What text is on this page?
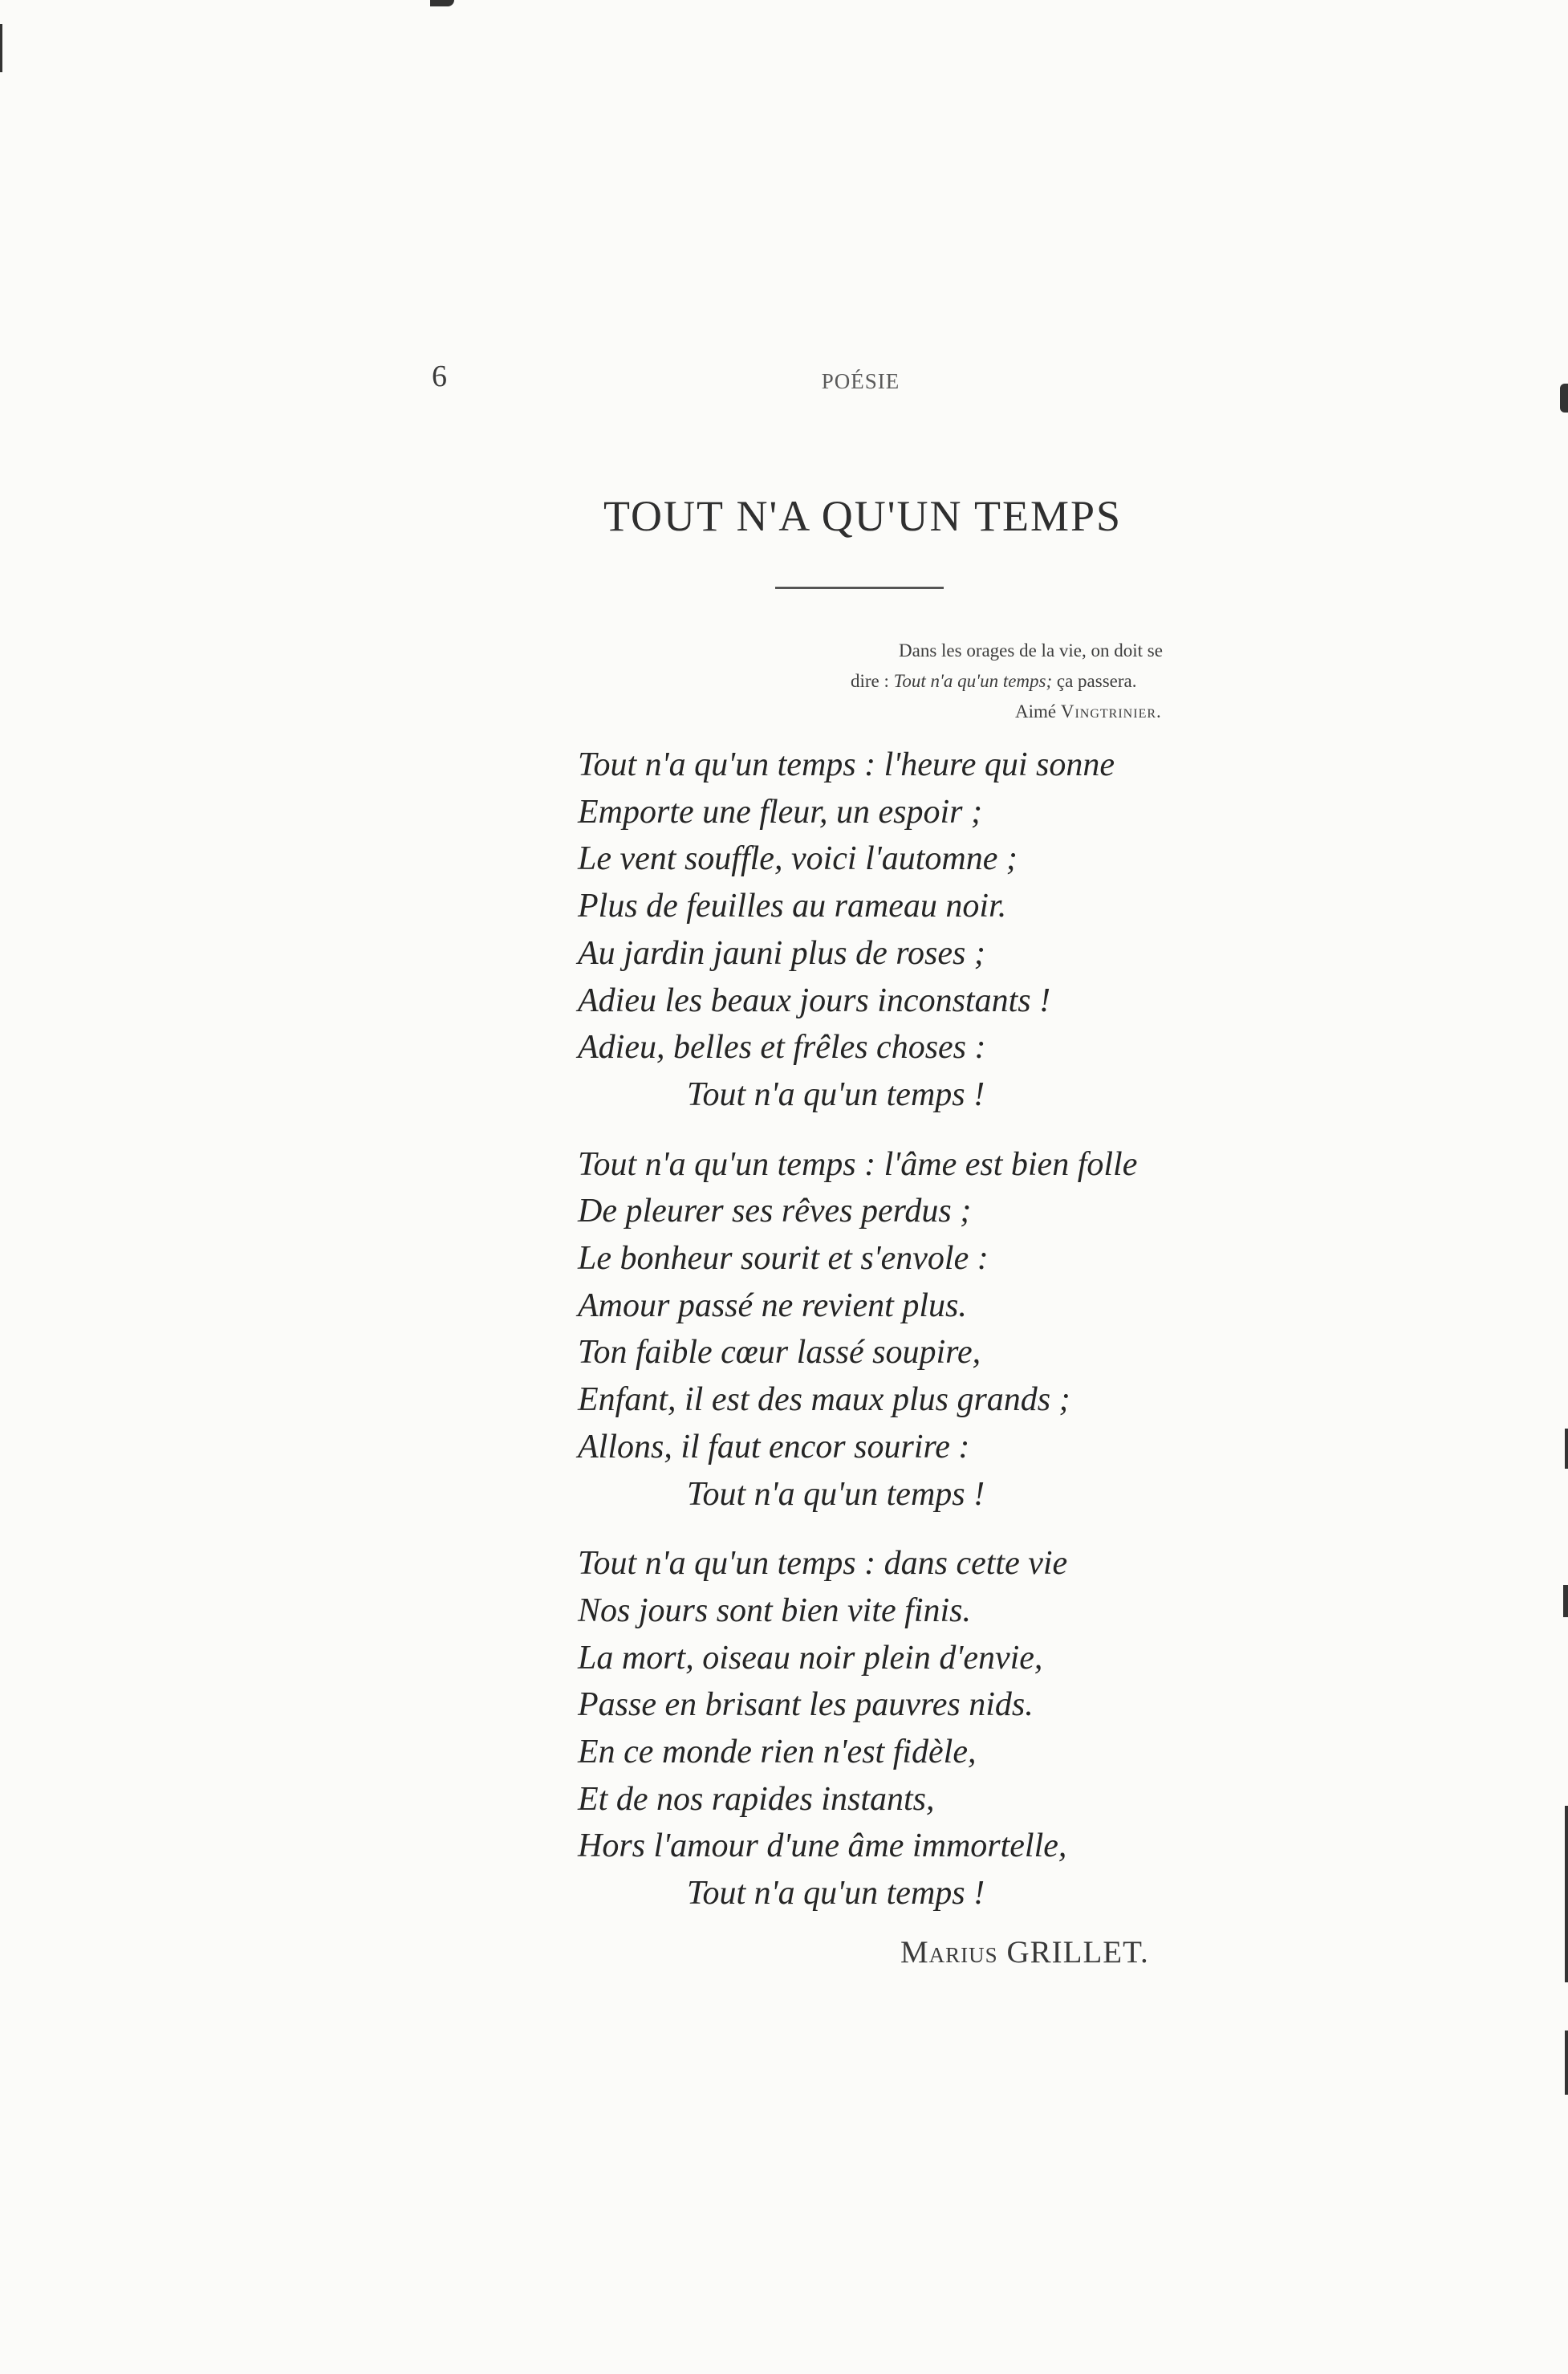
6	POÉSIE
TOUT N'A QU'UN TEMPS
Dans les orages de la vie, on doit se
dire : Tout n'a qu'un temps; ça passera.
Aimé Vingtrinier.
Tout n'a qu'un temps : l'heure qui sonne
Emporte une fleur, un espoir ;
Le vent souffle, voici l'automne ;
Plus de feuilles au rameau noir.
Au jardin jauni plus de roses ;
Adieu les beaux jours inconstants !
Adieu, belles et frêles choses :
Tout n'a qu'un temps !
Tout n'a qu'un temps : l'âme est bien folle
De pleurer ses rêves perdus ;
Le bonheur sourit et s'envole :
Amour passé ne revient plus.
Ton faible cœur lassé soupire,
Enfant, il est des maux plus grands ;
Allons, il faut encor sourire :
Tout n'a qu'un temps !
Tout n'a qu'un temps : dans cette vie
Nos jours sont bien vite finis.
La mort, oiseau noir plein d'envie,
Passe en brisant les pauvres nids.
En ce monde rien n'est fidèle,
Et de nos rapides instants,
Hors l'amour d'une âme immortelle,
Tout n'a qu'un temps !
Marius GRILLET.
